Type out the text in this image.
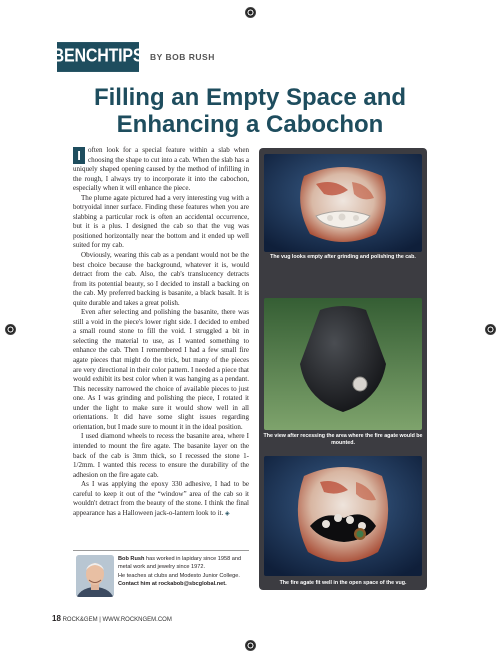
BENCHTIPS BY BOB RUSH
Filling an Empty Space and
Enhancing a Cabochon

I	often look for a special feature within a slab when choosing the shape to cut into a cab. When the slab has a uniquely shaped opening caused by the method of infilling in the rough, I always try to incorporate it into the cabochon, especially when it will enhance the piece.

The plume agate pictured had a very interesting vug with a botryoidal inner surface. Finding these features when you are slabbing a particular rock is often an accidental occurrence, but it is a plus. I designed the cab so that the vug was positioned horizontally near the bottom and it ended up well suited for my cab.

Obviously, wearing this cab as a pendant would not be the best choice because the background, whatever it is, would detract from the cab. Also, the cab's translucency detracts from its potential beauty, so I decided to install a backing on the cab. My preferred backing is basanite, a black basalt. It is quite durable and takes a great polish.

Even after selecting and polishing the basanite, there was still a void in the piece's lower right side. I decided to embed a small round stone to fill the void. I struggled a bit in selecting the material to use, as I wanted something to enhance the cab. Then I remembered I had a few small fire agate pieces that might do the trick, but many of the pieces are very directional in their color pattern. I needed a piece that would exhibit its best color when it was hanging as a pendant. This necessity narrowed the choice of available pieces to just one. As I was grinding and polishing the piece, I rotated it under the light to make sure it would show well in all orientations. It did have some slight issues regarding orientation, but I made sure to mount it in the ideal position.

I used diamond wheels to recess the basanite area, where I intended to mount the fire agate. The basanite layer on the back of the cab is 3mm thick, so I recessed the stone 1-1/2mm. I wanted this recess to ensure the durability of the adhesion on the fire agate cab.

As I was applying the epoxy 330 adhesive, I had to be careful to keep it out of the “window” area of the cab so it wouldn't detract from the beauty of the stone. I think the final appearance has a Halloween jack-o-lantern look to it. ◈

Bob Rush has worked in lapidary since 1958 and metal work and jewelry since 1972.
He teaches at clubs and Modesto Junior College.
Contact him at rockabob@sbcglobal.net.
The vug looks empty after grinding and polishing the cab.
The view after recessing the area where the fire agate would be mounted.
The fire agate fit well in the open space of the vug.
18 ROCK&GEM | WWW.ROCKNGEM.COM
